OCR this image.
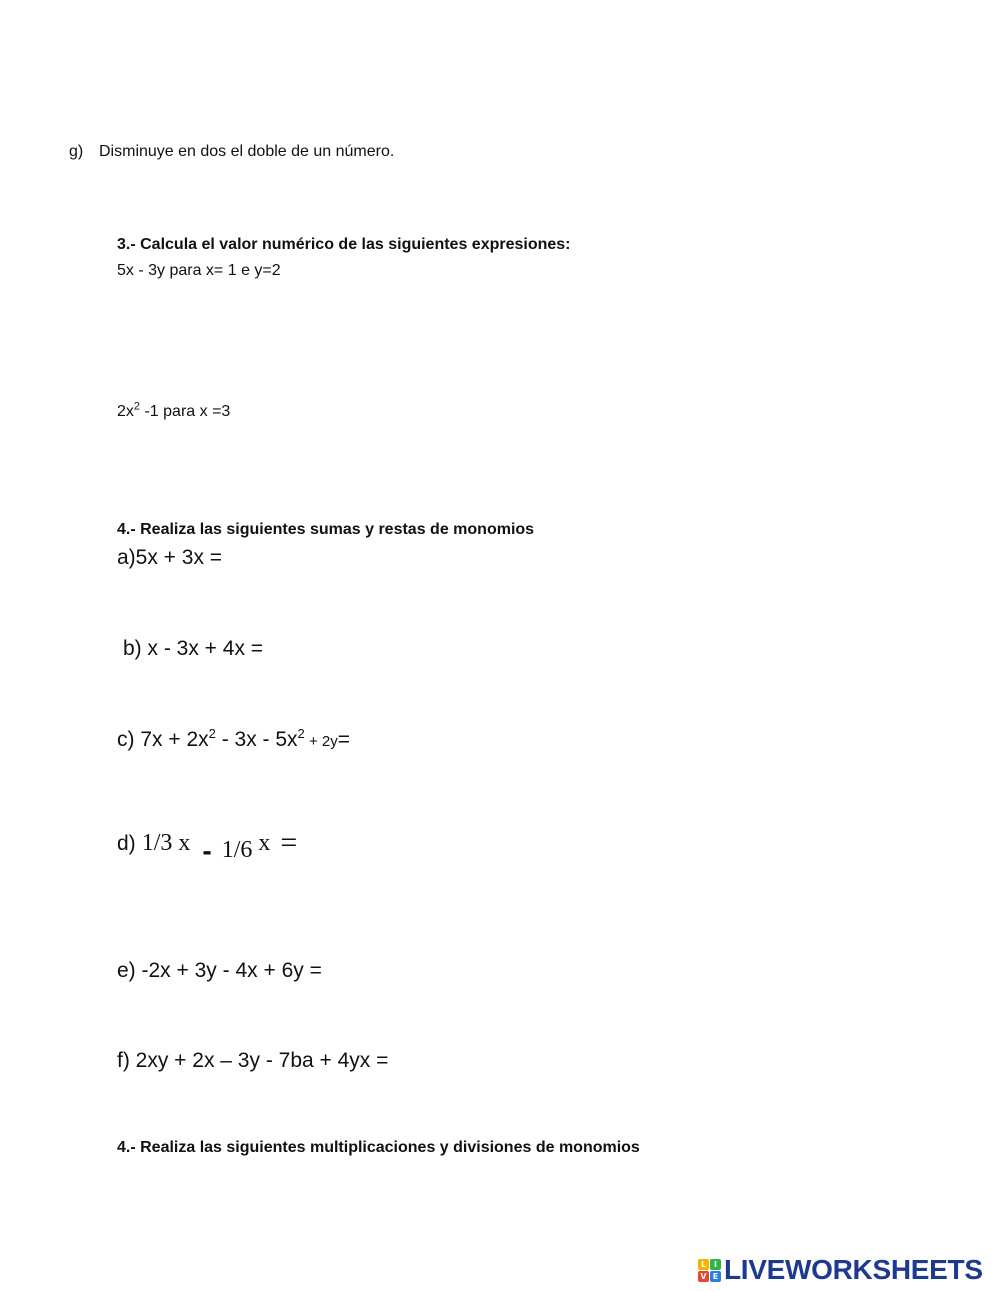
g) Disminuye en dos el doble de un número.
3.- Calcula el valor numérico de las siguientes expresiones:
5x - 3y para x= 1 e y=2
$2x^2$ -1 para x =3
4.- Realiza las siguientes sumas y restas de monomios
a)5x + 3x =
b) x - 3x + 4x =
c) $7x + 2x^2 - 3x - 5x^2 + 2y=$
d) 1/3 x - 1/6 x =
e) -2x + 3y - 4x + 6y =
f) 2xy + 2x – 3y - 7ba + 4yx =
4.- Realiza las siguientes multiplicaciones y divisiones de monomios
L I
V E LIVEWORKSHEETS
